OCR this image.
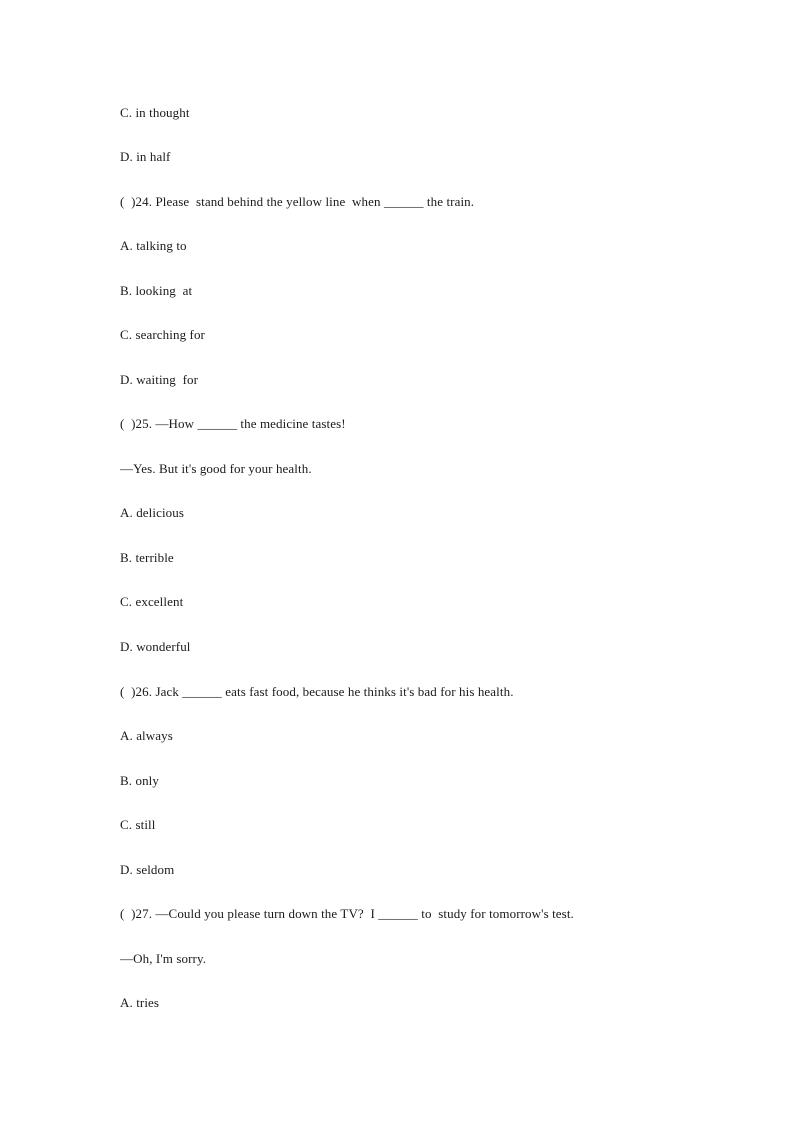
C. in thought
D. in half
(  )24. Please  stand behind the yellow line  when ______ the train.
A. talking to
B. looking  at
C. searching for
D. waiting  for
(  )25. —How ______ the medicine tastes!
—Yes. But it's good for your health.
A. delicious
B. terrible
C. excellent
D. wonderful
(  )26. Jack ______ eats fast food, because he thinks it's bad for his health.
A. always
B. only
C. still
D. seldom
(  )27. —Could you please turn down the TV?  I ______ to  study for tomorrow's test.
—Oh, I'm sorry.
A. tries
